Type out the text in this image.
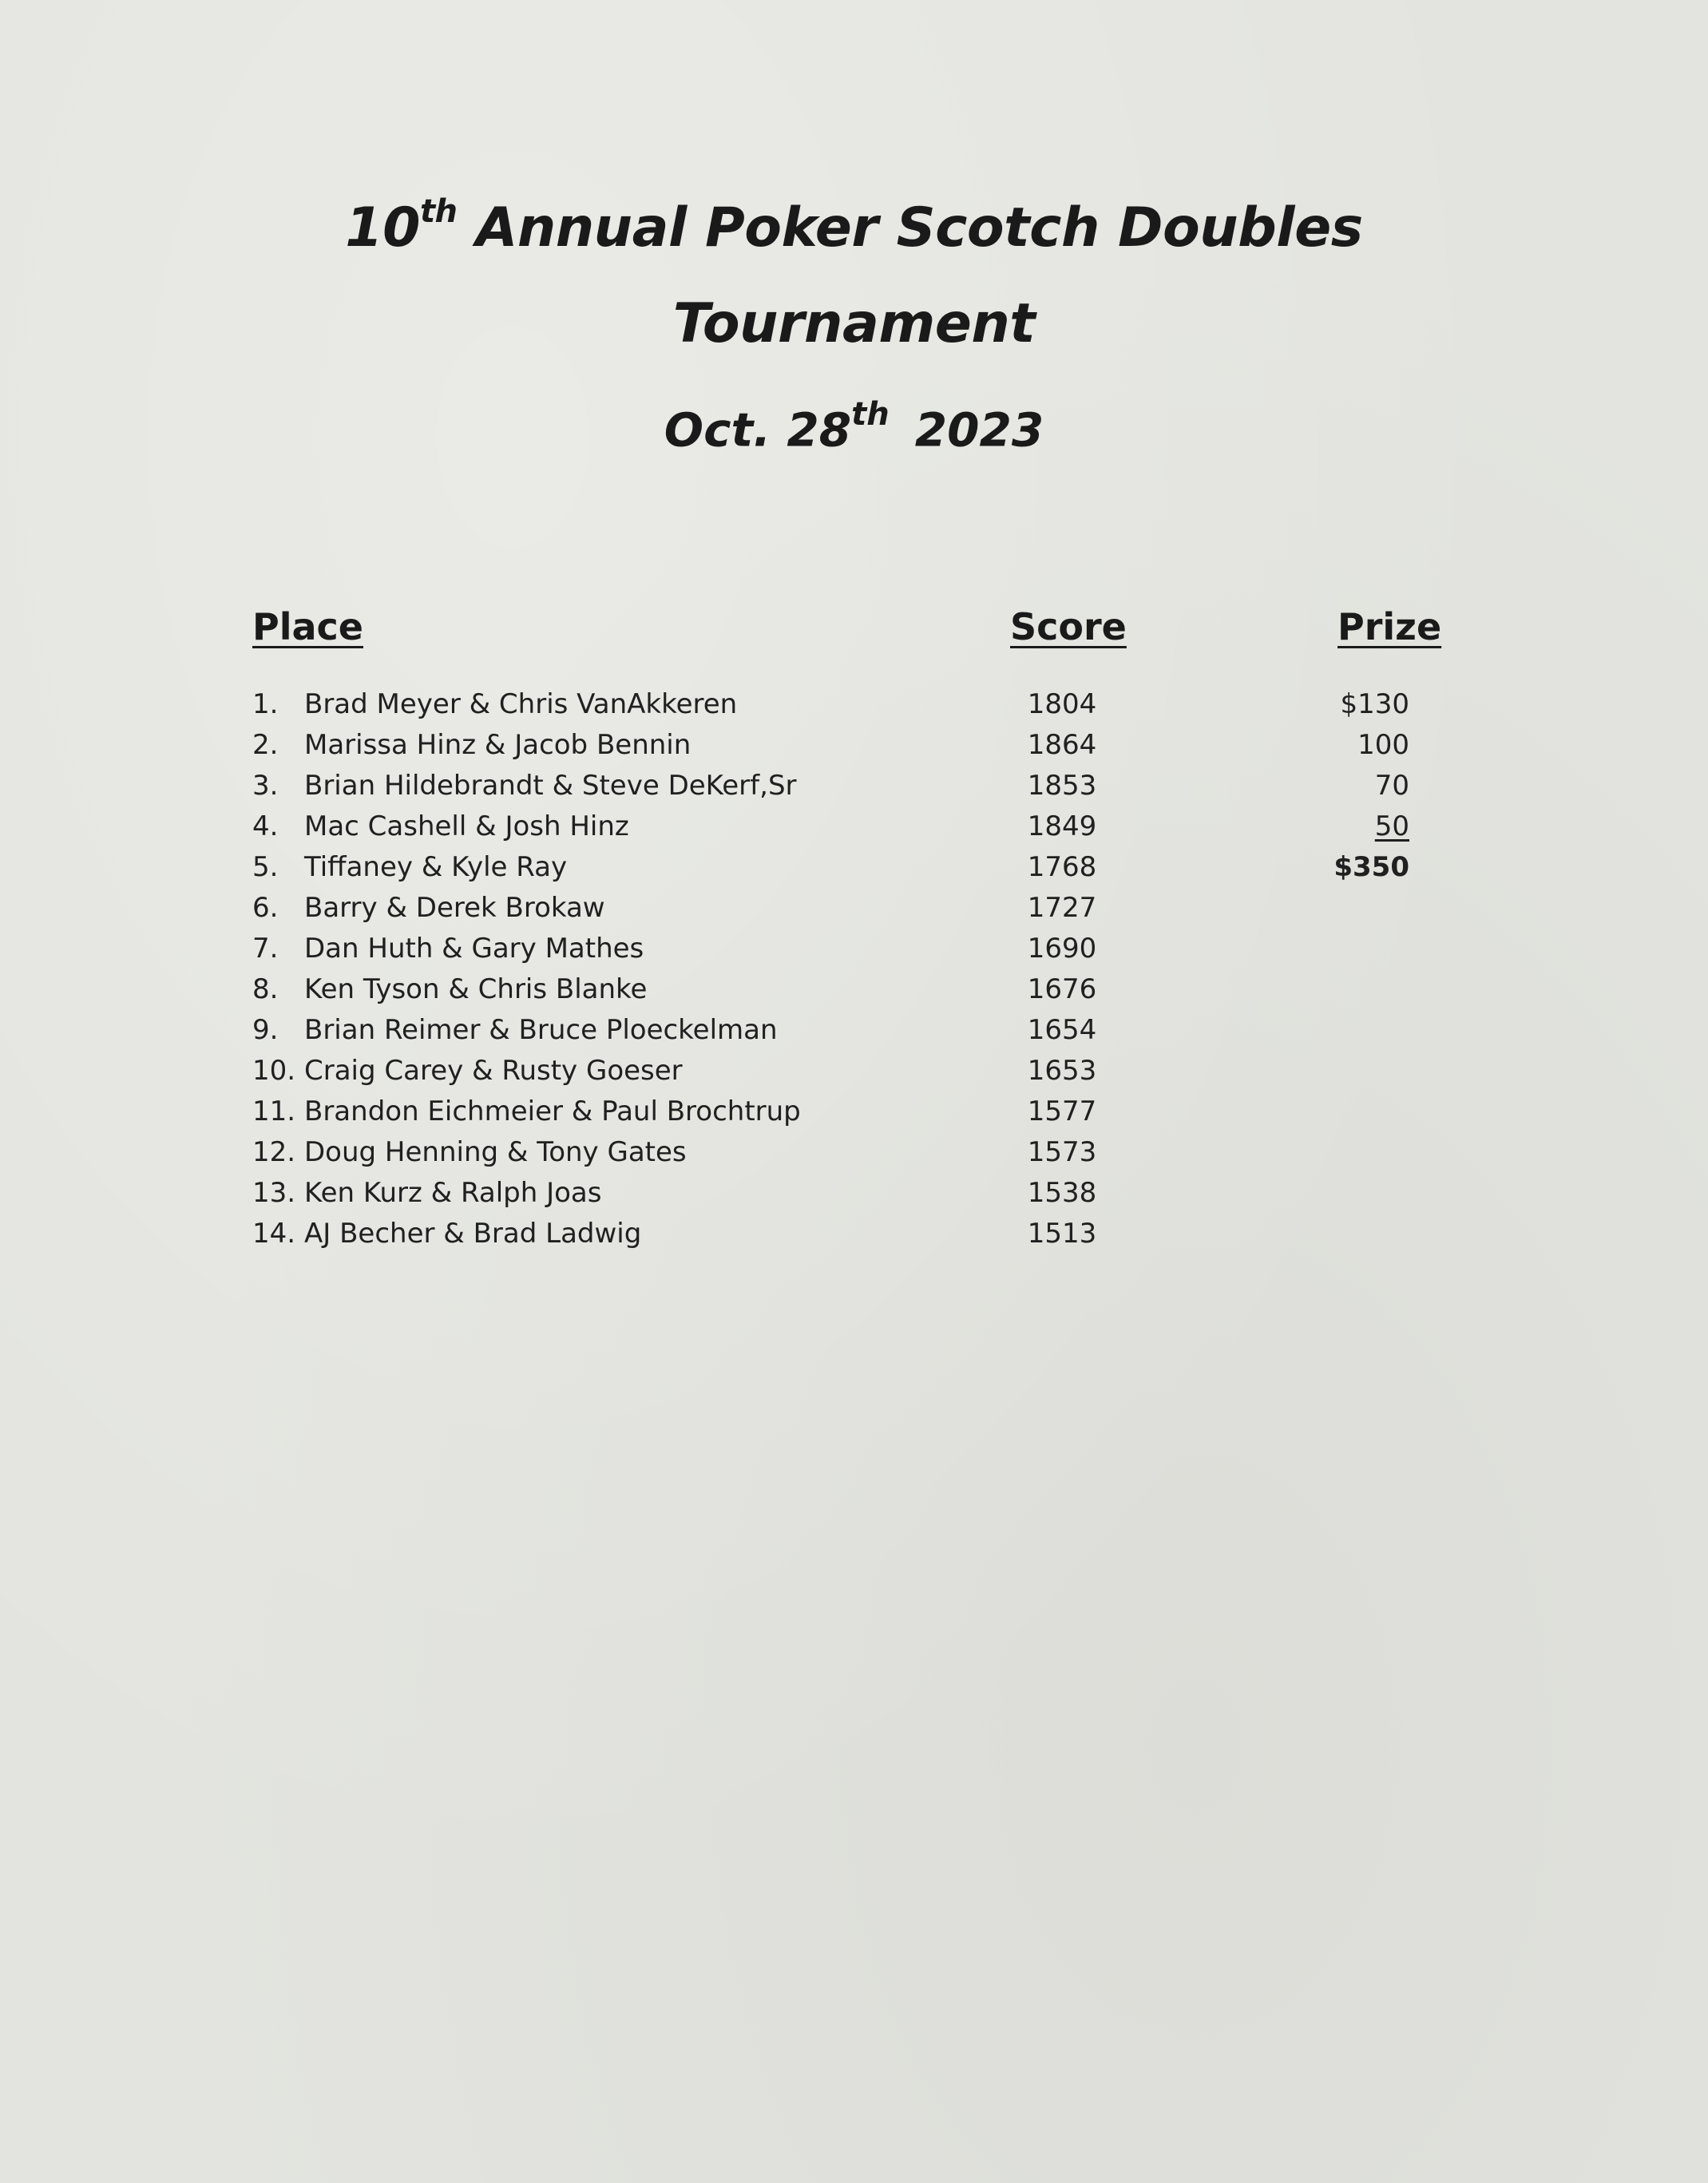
10th Annual Poker Scotch Doubles
Tournament
Oct. 28th 2023
Place	Score	Prize
1. Brad Meyer & Chris VanAkkeren	1804	$130
2. Marissa Hinz & Jacob Bennin	1864	100
3. Brian Hildebrandt & Steve DeKerf,Sr	1853	70
4. Mac Cashell & Josh Hinz	1849	50
5. Tiffaney & Kyle Ray	1768	$350
6. Barry & Derek Brokaw	1727
7. Dan Huth & Gary Mathes	1690
8. Ken Tyson & Chris Blanke	1676
9. Brian Reimer & Bruce Ploeckelman	1654
10. Craig Carey & Rusty Goeser	1653
11. Brandon Eichmeier & Paul Brochtrup	1577
12. Doug Henning & Tony Gates	1573
13. Ken Kurz & Ralph Joas	1538
14. AJ Becher & Brad Ladwig	1513
